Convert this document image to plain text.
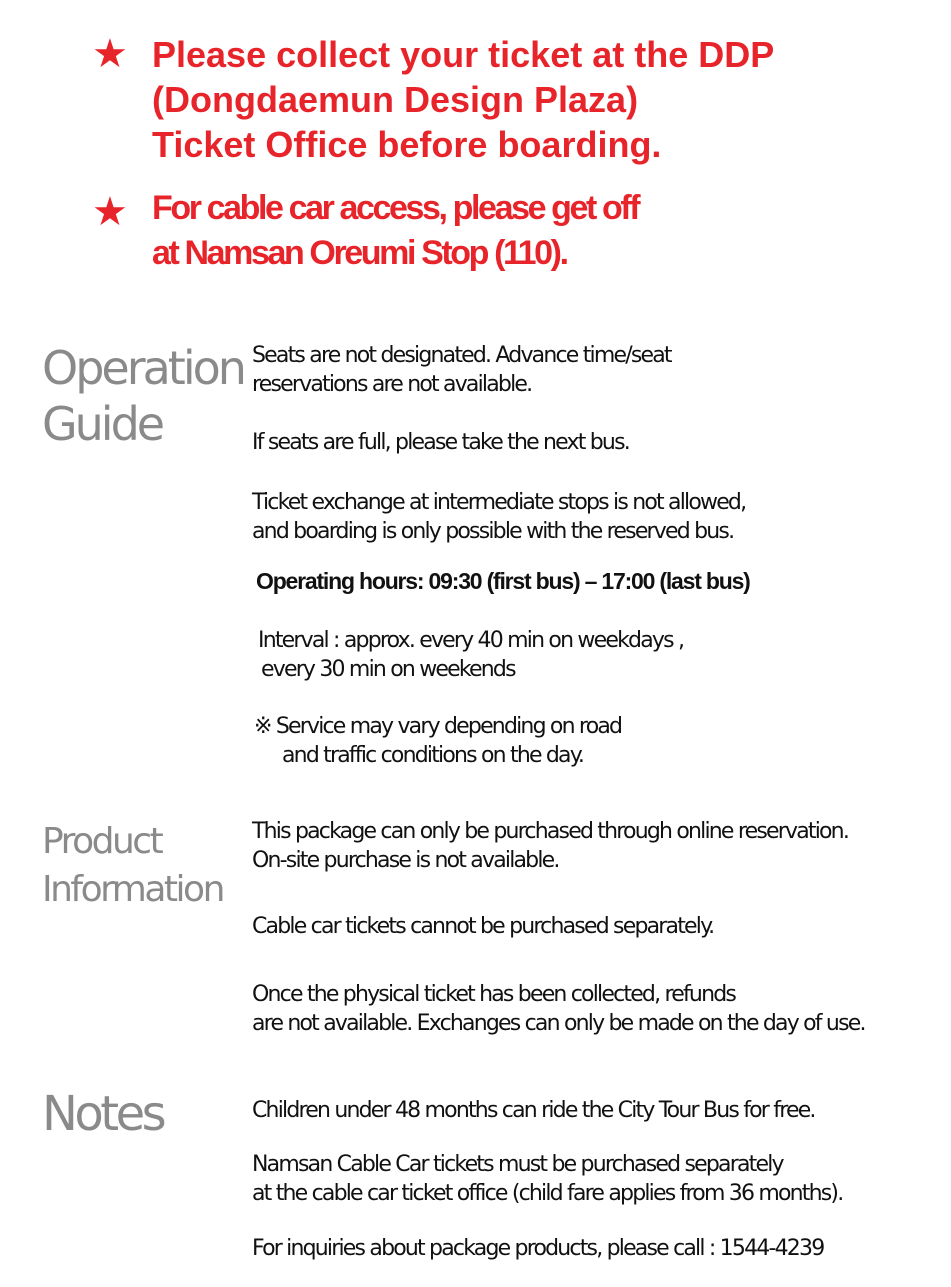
★ Please collect your ticket at the DDP
(Dongdaemun Design Plaza)
Ticket Office before boarding.
★ For cable car access, please get off
at Namsan Oreumi Stop (110).
Operation
Guide

Seats are not designated. Advance time/seat
reservations are not available.

If seats are full, please take the next bus.

Ticket exchange at intermediate stops is not allowed,
and boarding is only possible with the reserved bus.

Operating hours: 09:30 (first bus) – 17:00 (last bus)

Interval : approx. every 40 min on weekdays ,
every 30 min on weekends

※ Service may vary depending on road
and traffic conditions on the day.

Product
Information

This package can only be purchased through online reservation.
On-site purchase is not available.

Cable car tickets cannot be purchased separately.

Once the physical ticket has been collected, refunds
are not available. Exchanges can only be made on the day of use.

Notes	Children under 48 months can ride the City Tour Bus for free.

Namsan Cable Car tickets must be purchased separately
at the cable car ticket office (child fare applies from 36 months).

For inquiries about package products, please call : 1544-4239
